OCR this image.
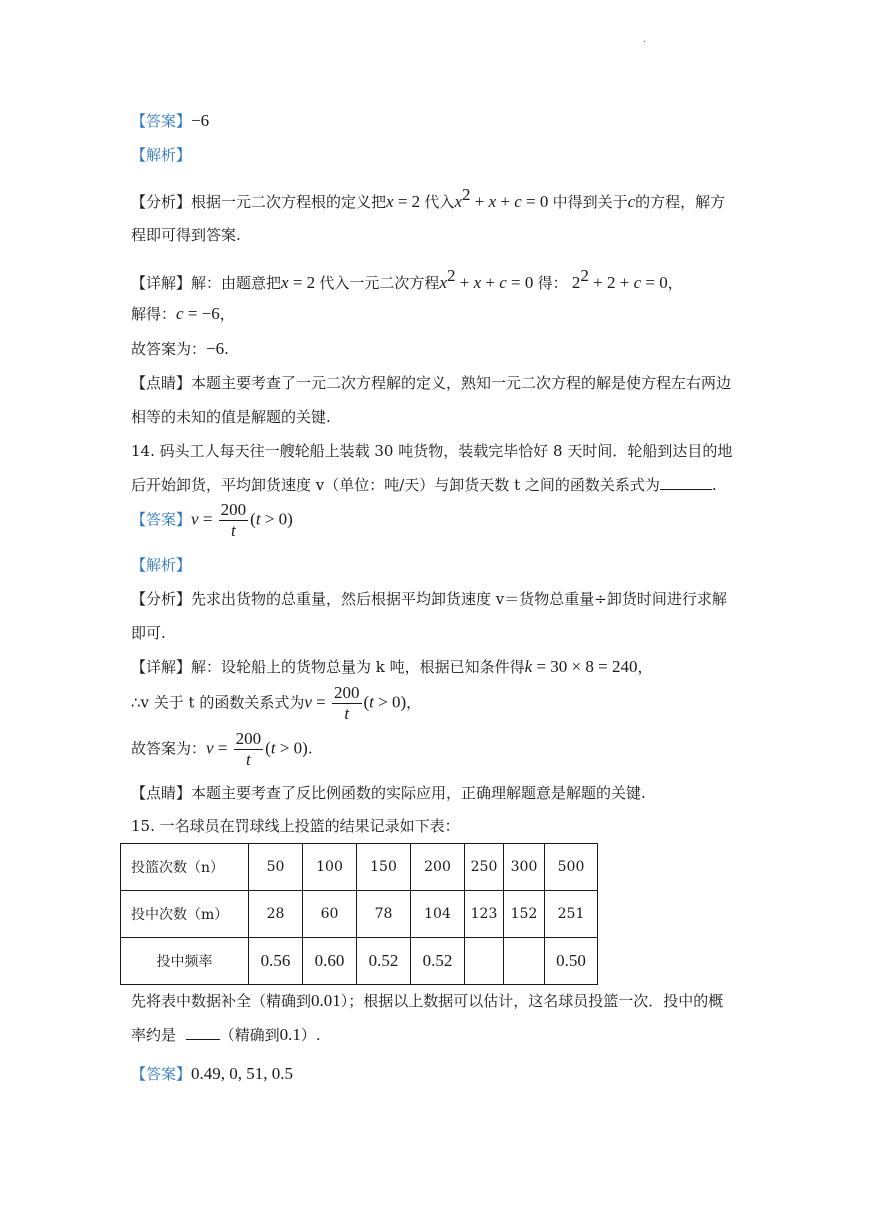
.
【答案】−6
【解析】
【分析】根据一元二次方程根的定义把x = 2 代入$x^2 + x + c = 0$ 中得到关于c的方程，解方
程即可得到答案.
【详解】解：由题意把x = 2 代入一元二次方程$x^2 + x + c = 0$ 得： $2^2 + 2 + c = 0$，
解得：c = −6，
故答案为：−6.
【点睛】本题主要考查了一元二次方程解的定义，熟知一元二次方程的解是使方程左右两边
相等的未知的值是解题的关键.
14. 码头工人每天往一艘轮船上装载 30 吨货物，装载完毕恰好 8 天时间．轮船到达目的地
后开始卸货，平均卸货速度 v（单位：吨/天）与卸货天数 t 之间的函数关系式为	.
【答案】$v = \frac{200}{t} (t > 0)$
【解析】
【分析】先求出货物的总重量，然后根据平均卸货速度 v＝货物总重量÷卸货时间进行求解
即可.
【详解】解：设轮船上的货物总量为 k 吨，根据已知条件得k = 30 × 8 = 240，
∴v 关于 t 的函数关系式为$v = \frac{200}{t} (t > 0)$，
故答案为：$v = \frac{200}{t} (t > 0)$.
【点睛】本题主要考查了反比例函数的实际应用，正确理解题意是解题的关键.
15. 一名球员在罚球线上投篮的结果记录如下表：
投篮次数（n）	50	100	150	200	250	300	500
投中次数（m）	28	60	78	104	123	152	251
投中频率	0.56	0.60	0.52	0.52			0.50
先将表中数据补全（精确到0.01）；根据以上数据可以估计，这名球员投篮一次．投中的概
率约是	（精确到0.1）.
【答案】0.49, 0, 51, 0.5
